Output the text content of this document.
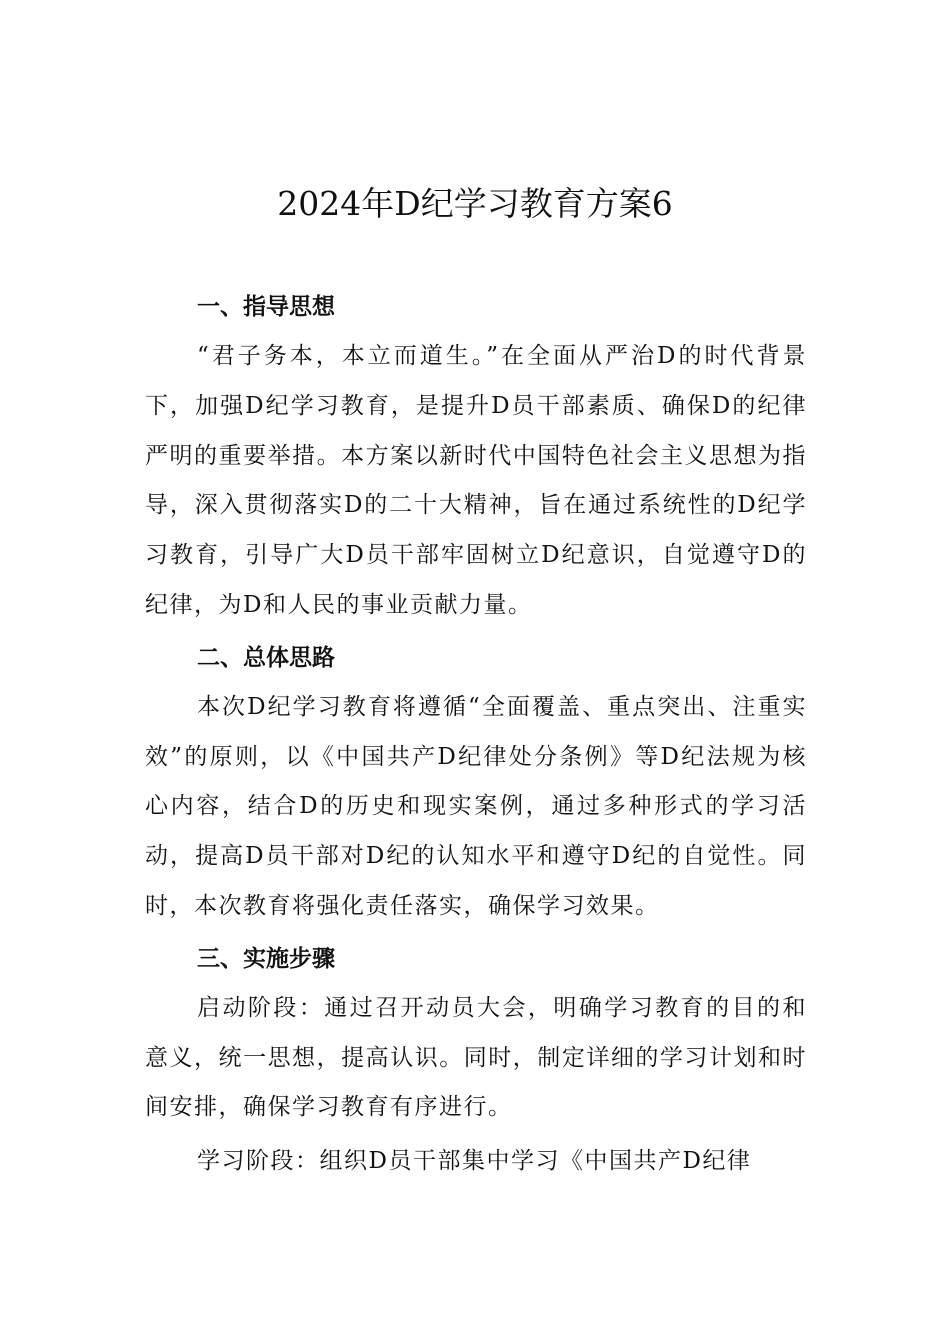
2024年D纪学习教育方案6
一、指导思想

“君子务本，本立而道生。”在全面从严治D的时代背景下，加强D纪学习教育，是提升D员干部素质、确保D的纪律严明的重要举措。本方案以新时代中国特色社会主义思想为指导，深入贯彻落实D的二十大精神，旨在通过系统性的D纪学习教育，引导广大D员干部牢固树立D纪意识，自觉遵守D的纪律，为D和人民的事业贡献力量。

二、总体思路

本次D纪学习教育将遵循“全面覆盖、重点突出、注重实效”的原则，以《中国共产D纪律处分条例》等D纪法规为核心内容，结合D的历史和现实案例，通过多种形式的学习活动，提高D员干部对D纪的认知水平和遵守D纪的自觉性。同时，本次教育将强化责任落实，确保学习效果。

三、实施步骤

启动阶段：通过召开动员大会，明确学习教育的目的和意义，统一思想，提高认识。同时，制定详细的学习计划和时间安排，确保学习教育有序进行。

学习阶段：组织D员干部集中学习《中国共产D纪律
